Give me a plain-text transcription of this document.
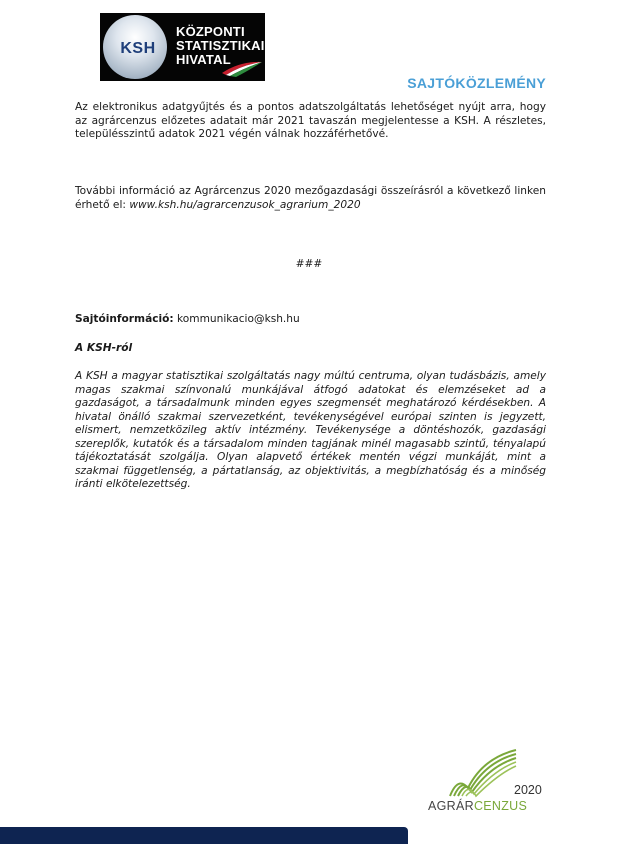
KSH
KÖZPONTI
STATISZTIKAI
HIVATAL
SAJTÓKÖZLEMÉNY

Az elektronikus adatgyűjtés és a pontos adatszolgáltatás lehetőséget nyújt arra, hogy az agrárcenzus előzetes adatait már 2021 tavaszán megjelentesse a KSH. A részletes, településszintű adatok 2021 végén válnak hozzáférhetővé.

További információ az Agrárcenzus 2020 mezőgazdasági összeírásról a következő linken érhető el: www.ksh.hu/agrarcenzusok_agrarium_2020

###
Sajtóinformáció: kommunikacio@ksh.hu
A KSH-ról

A KSH a magyar statisztikai szolgáltatás nagy múltú centruma, olyan tudásbázis, amely magas szakmai színvonalú munkájával átfogó adatokat és elemzéseket ad a gazdaságot, a társadalmunk minden egyes szegmensét meghatározó kérdésekben. A hivatal önálló szakmai szervezetként, tevékenységével európai szinten is jegyzett, elismert, nemzetközileg aktív intézmény. Tevékenysége a döntéshozók, gazdasági szereplők, kutatók és a társadalom minden tagjának minél magasabb szintű, tényalapú tájékoztatását szolgálja. Olyan alapvető értékek mentén végzi munkáját, mint a szakmai függetlenség, a pártatlanság, az objektivitás, a megbízhatóság és a minőség iránti elkötelezettség.

2020
AGRÁRCENZUS
